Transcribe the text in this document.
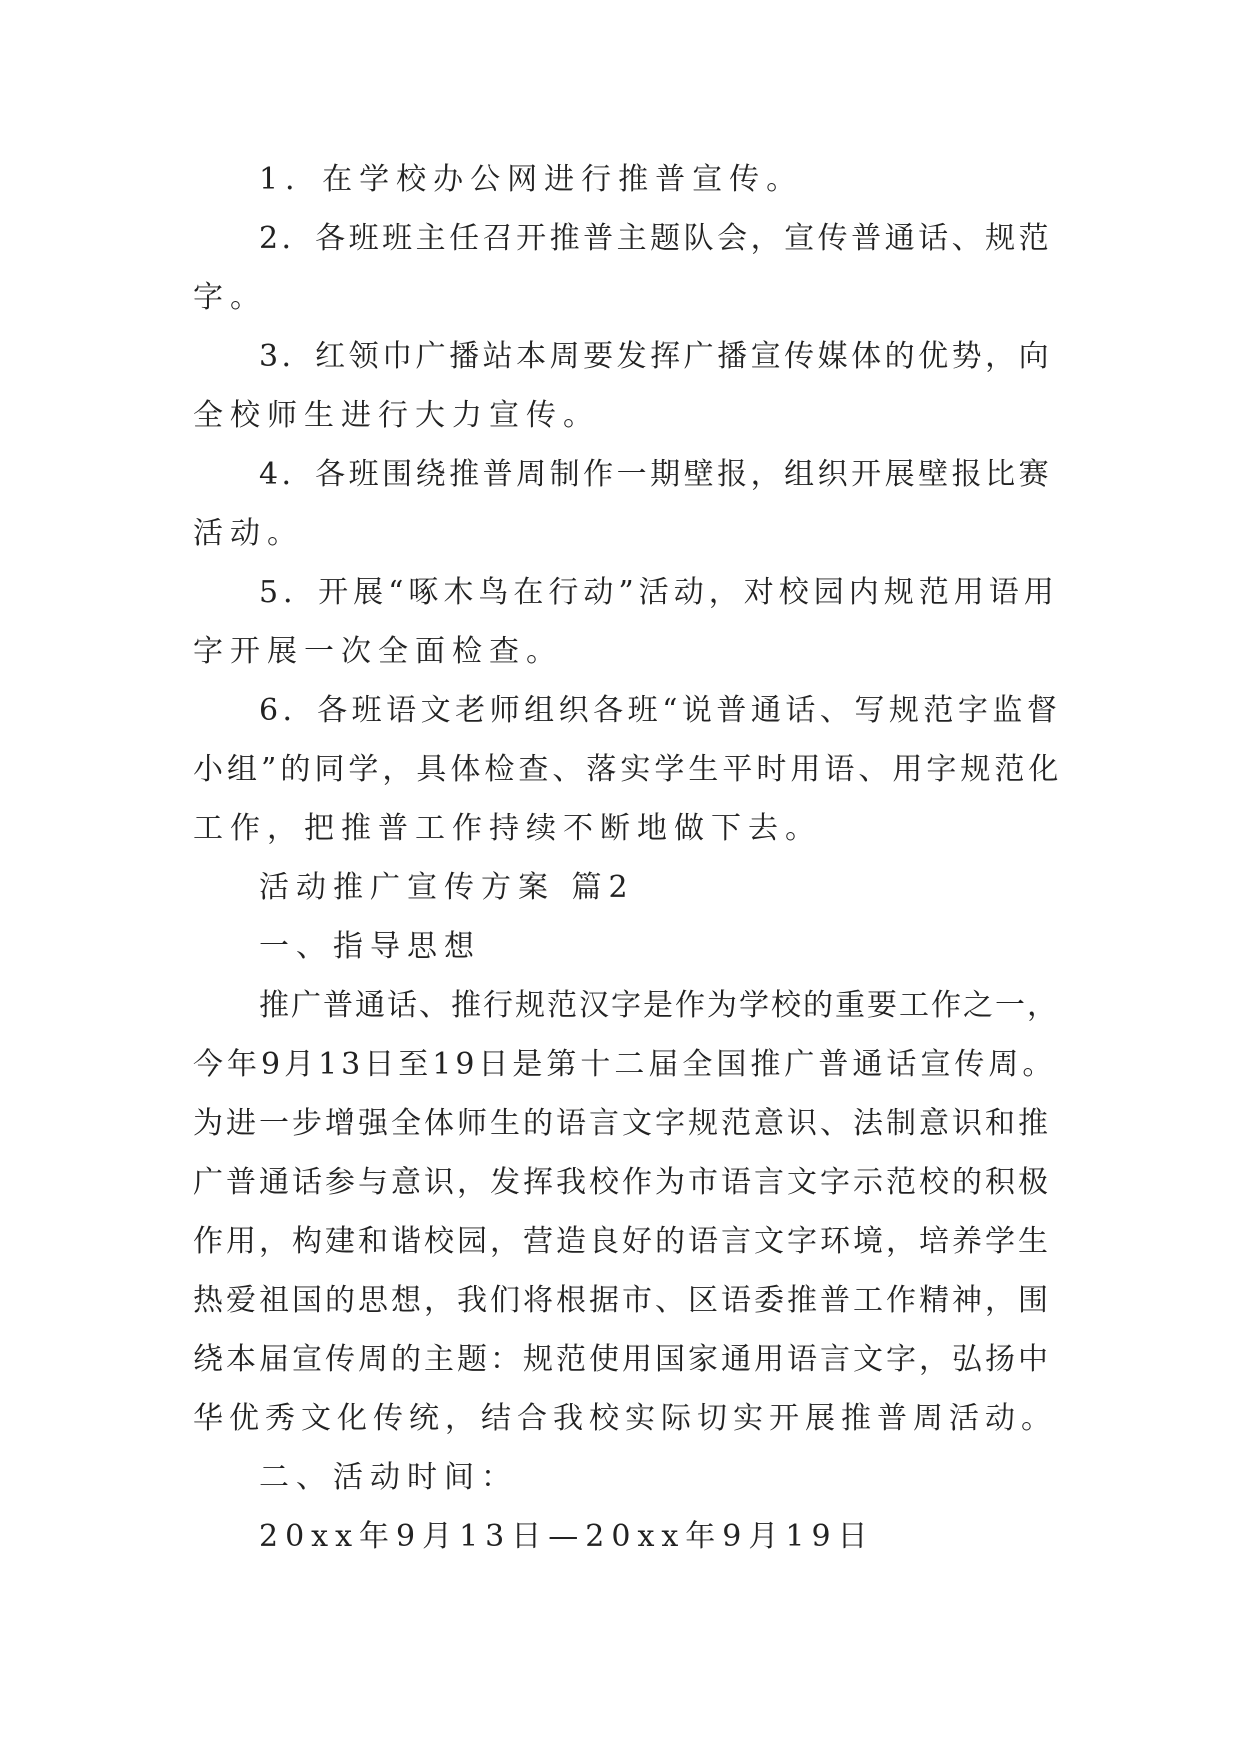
1．在学校办公网进行推普宣传。
2．各班班主任召开推普主题队会，宣传普通话、规范
字。
3．红领巾广播站本周要发挥广播宣传媒体的优势，向
全校师生进行大力宣传。
4．各班围绕推普周制作一期壁报，组织开展壁报比赛
活动。
5．开展“啄木鸟在行动”活动，对校园内规范用语用
字开展一次全面检查。
6．各班语文老师组织各班“说普通话、写规范字监督
小组”的同学，具体检查、落实学生平时用语、用字规范化
工作，把推普工作持续不断地做下去。
活动推广宣传方案 篇2
一、指导思想
推广普通话、推行规范汉字是作为学校的重要工作之一，
今年9月13日至19日是第十二届全国推广普通话宣传周。
为进一步增强全体师生的语言文字规范意识、法制意识和推
广普通话参与意识，发挥我校作为市语言文字示范校的积极
作用，构建和谐校园，营造良好的语言文字环境，培养学生
热爱祖国的思想，我们将根据市、区语委推普工作精神，围
绕本届宣传周的主题：规范使用国家通用语言文字，弘扬中
华优秀文化传统，结合我校实际切实开展推普周活动。
二、活动时间：
20xx年9月13日—20xx年9月19日
